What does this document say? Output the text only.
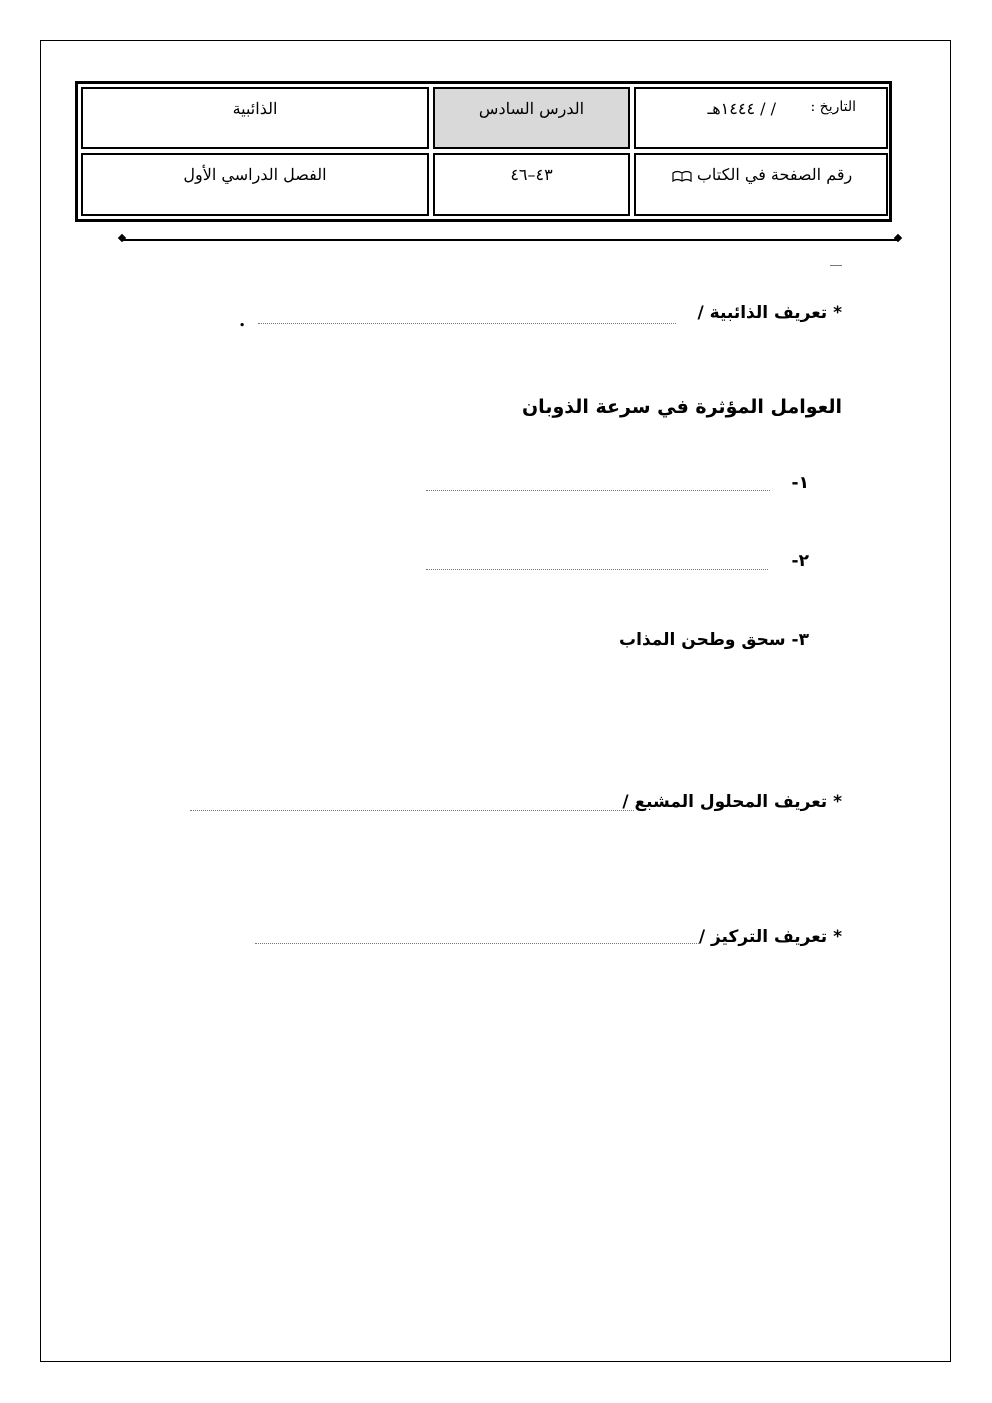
التاريخ :
/ / ١٤٤٤هـ
الدرس السادس
الذائبية
رقم الصفحة في الكتاب
٤٣–٤٦
الفصل الدراسي الأول
* تعريف الذائبية /
.
العوامل المؤثرة في سرعة الذوبان
١-
٢-
٣- سحق وطحن المذاب
* تعريف المحلول المشبع /
* تعريف التركيز /
